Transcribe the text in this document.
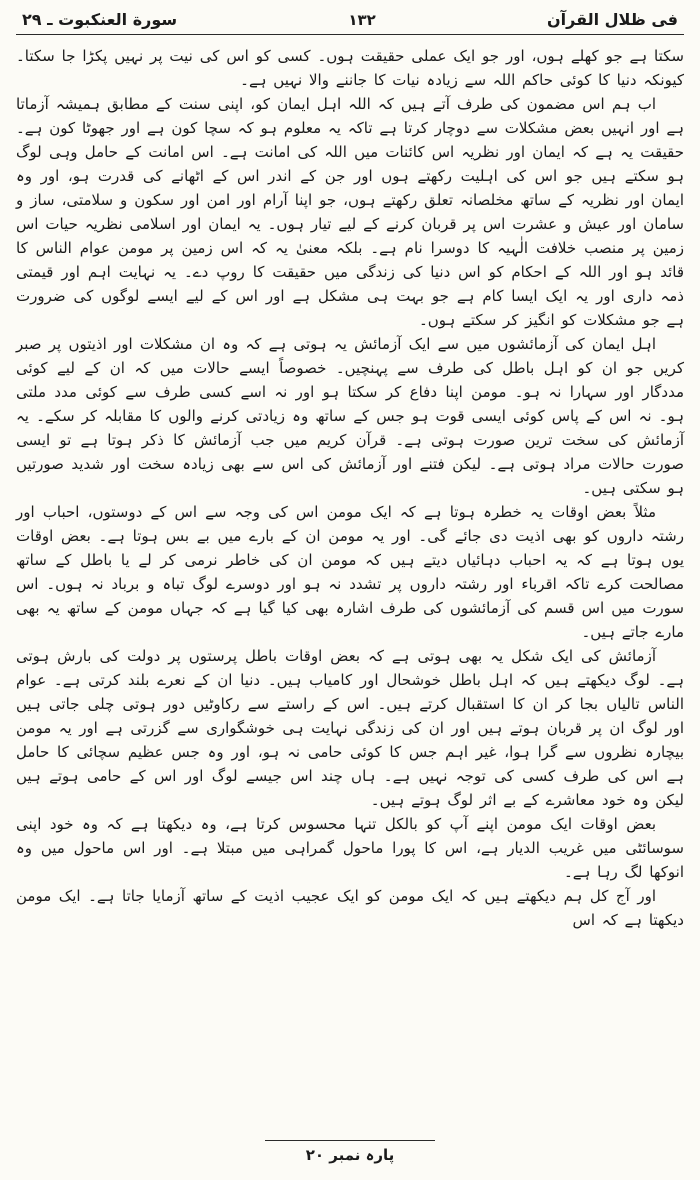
فی ظلال القرآن
۱۳۲
سورة العنكبوت ـ ۲۹

سکتا ہے جو کھلے ہوں، اور جو ایک عملی حقیقت ہوں۔ کسی کو اس کی نیت پر نہیں پکڑا جا سکتا۔ کیونکہ دنیا کا کوئی حاکم اللہ سے زیادہ نیات کا جاننے والا نہیں ہے۔

اب ہم اس مضمون کی طرف آتے ہیں کہ اللہ اہل ایمان کو، اپنی سنت کے مطابق ہمیشہ آزماتا ہے اور انہیں بعض مشکلات سے دوچار کرتا ہے تاکہ یہ معلوم ہو کہ سچا کون ہے اور جھوٹا کون ہے۔ حقیقت یہ ہے کہ ایمان اور نظریہ اس کائنات میں اللہ کی امانت ہے۔ اس امانت کے حامل وہی لوگ ہو سکتے ہیں جو اس کی اہلیت رکھتے ہوں اور جن کے اندر اس کے اٹھانے کی قدرت ہو، اور وہ ایمان اور نظریہ کے ساتھ مخلصانہ تعلق رکھتے ہوں، جو اپنا آرام اور امن اور سکون و سلامتی، ساز و سامان اور عیش و عشرت اس پر قربان کرنے کے لیے تیار ہوں۔ یہ ایمان اور اسلامی نظریہ حیات اس زمین پر منصب خلافت الٰہیہ کا دوسرا نام ہے۔ بلکہ معنیٰ یہ کہ اس زمین پر مومن عوام الناس کا قائد ہو اور اللہ کے احکام کو اس دنیا کی زندگی میں حقیقت کا روپ دے۔ یہ نہایت اہم اور قیمتی ذمہ داری اور یہ ایک ایسا کام ہے جو بہت ہی مشکل ہے اور اس کے لیے ایسے لوگوں کی ضرورت ہے جو مشکلات کو انگیز کر سکتے ہوں۔

اہل ایمان کی آزمائشوں میں سے ایک آزمائش یہ ہوتی ہے کہ وہ ان مشکلات اور اذیتوں پر صبر کریں جو ان کو اہل باطل کی طرف سے پہنچیں۔ خصوصاً ایسے حالات میں کہ ان کے لیے کوئی مددگار اور سہارا نہ ہو۔ مومن اپنا دفاع کر سکتا ہو اور نہ اسے کسی طرف سے کوئی مدد ملتی ہو۔ نہ اس کے پاس کوئی ایسی قوت ہو جس کے ساتھ وہ زیادتی کرنے والوں کا مقابلہ کر سکے۔ یہ آزمائش کی سخت ترین صورت ہوتی ہے۔ قرآن کریم میں جب آزمائش کا ذکر ہوتا ہے تو ایسی صورت حالات مراد ہوتی ہے۔ لیکن فتنے اور آزمائش کی اس سے بھی زیادہ سخت اور شدید صورتیں ہو سکتی ہیں۔

مثلاً بعض اوقات یہ خطرہ ہوتا ہے کہ ایک مومن اس کی وجہ سے اس کے دوستوں، احباب اور رشتہ داروں کو بھی اذیت دی جائے گی۔ اور یہ مومن ان کے بارے میں بے بس ہوتا ہے۔ بعض اوقات یوں ہوتا ہے کہ یہ احباب دہائیاں دیتے ہیں کہ مومن ان کی خاطر نرمی کر لے یا باطل کے ساتھ مصالحت کرے تاکہ اقرباء اور رشتہ داروں پر تشدد نہ ہو اور دوسرے لوگ تباہ و برباد نہ ہوں۔ اس سورت میں اس قسم کی آزمائشوں کی طرف اشارہ بھی کیا گیا ہے کہ جہاں مومن کے ساتھ یہ بھی مارے جاتے ہیں۔

آزمائش کی ایک شکل یہ بھی ہوتی ہے کہ بعض اوقات باطل پرستوں پر دولت کی بارش ہوتی ہے۔ لوگ دیکھتے ہیں کہ اہل باطل خوشحال اور کامیاب ہیں۔ دنیا ان کے نعرے بلند کرتی ہے۔ عوام الناس تالیاں بجا کر ان کا استقبال کرتے ہیں۔ اس کے راستے سے رکاوٹیں دور ہوتی چلی جاتی ہیں اور لوگ ان پر قربان ہوتے ہیں اور ان کی زندگی نہایت ہی خوشگواری سے گزرتی ہے اور یہ مومن بیچارہ نظروں سے گرا ہوا، غیر اہم جس کا کوئی حامی نہ ہو، اور وہ جس عظیم سچائی کا حامل ہے اس کی طرف کسی کی توجہ نہیں ہے۔ ہاں چند اس جیسے لوگ اور اس کے حامی ہوتے ہیں لیکن وہ خود معاشرے کے بے اثر لوگ ہوتے ہیں۔

بعض اوقات ایک مومن اپنے آپ کو بالکل تنہا محسوس کرتا ہے، وہ دیکھتا ہے کہ وہ خود اپنی سوسائٹی میں غریب الدیار ہے، اس کا پورا ماحول گمراہی میں مبتلا ہے۔ اور اس ماحول میں وہ انوکھا لگ رہا ہے۔

اور آج کل ہم دیکھتے ہیں کہ ایک مومن کو ایک عجیب اذیت کے ساتھ آزمایا جاتا ہے۔ ایک مومن دیکھتا ہے کہ اس

پارہ نمبر ۲۰
